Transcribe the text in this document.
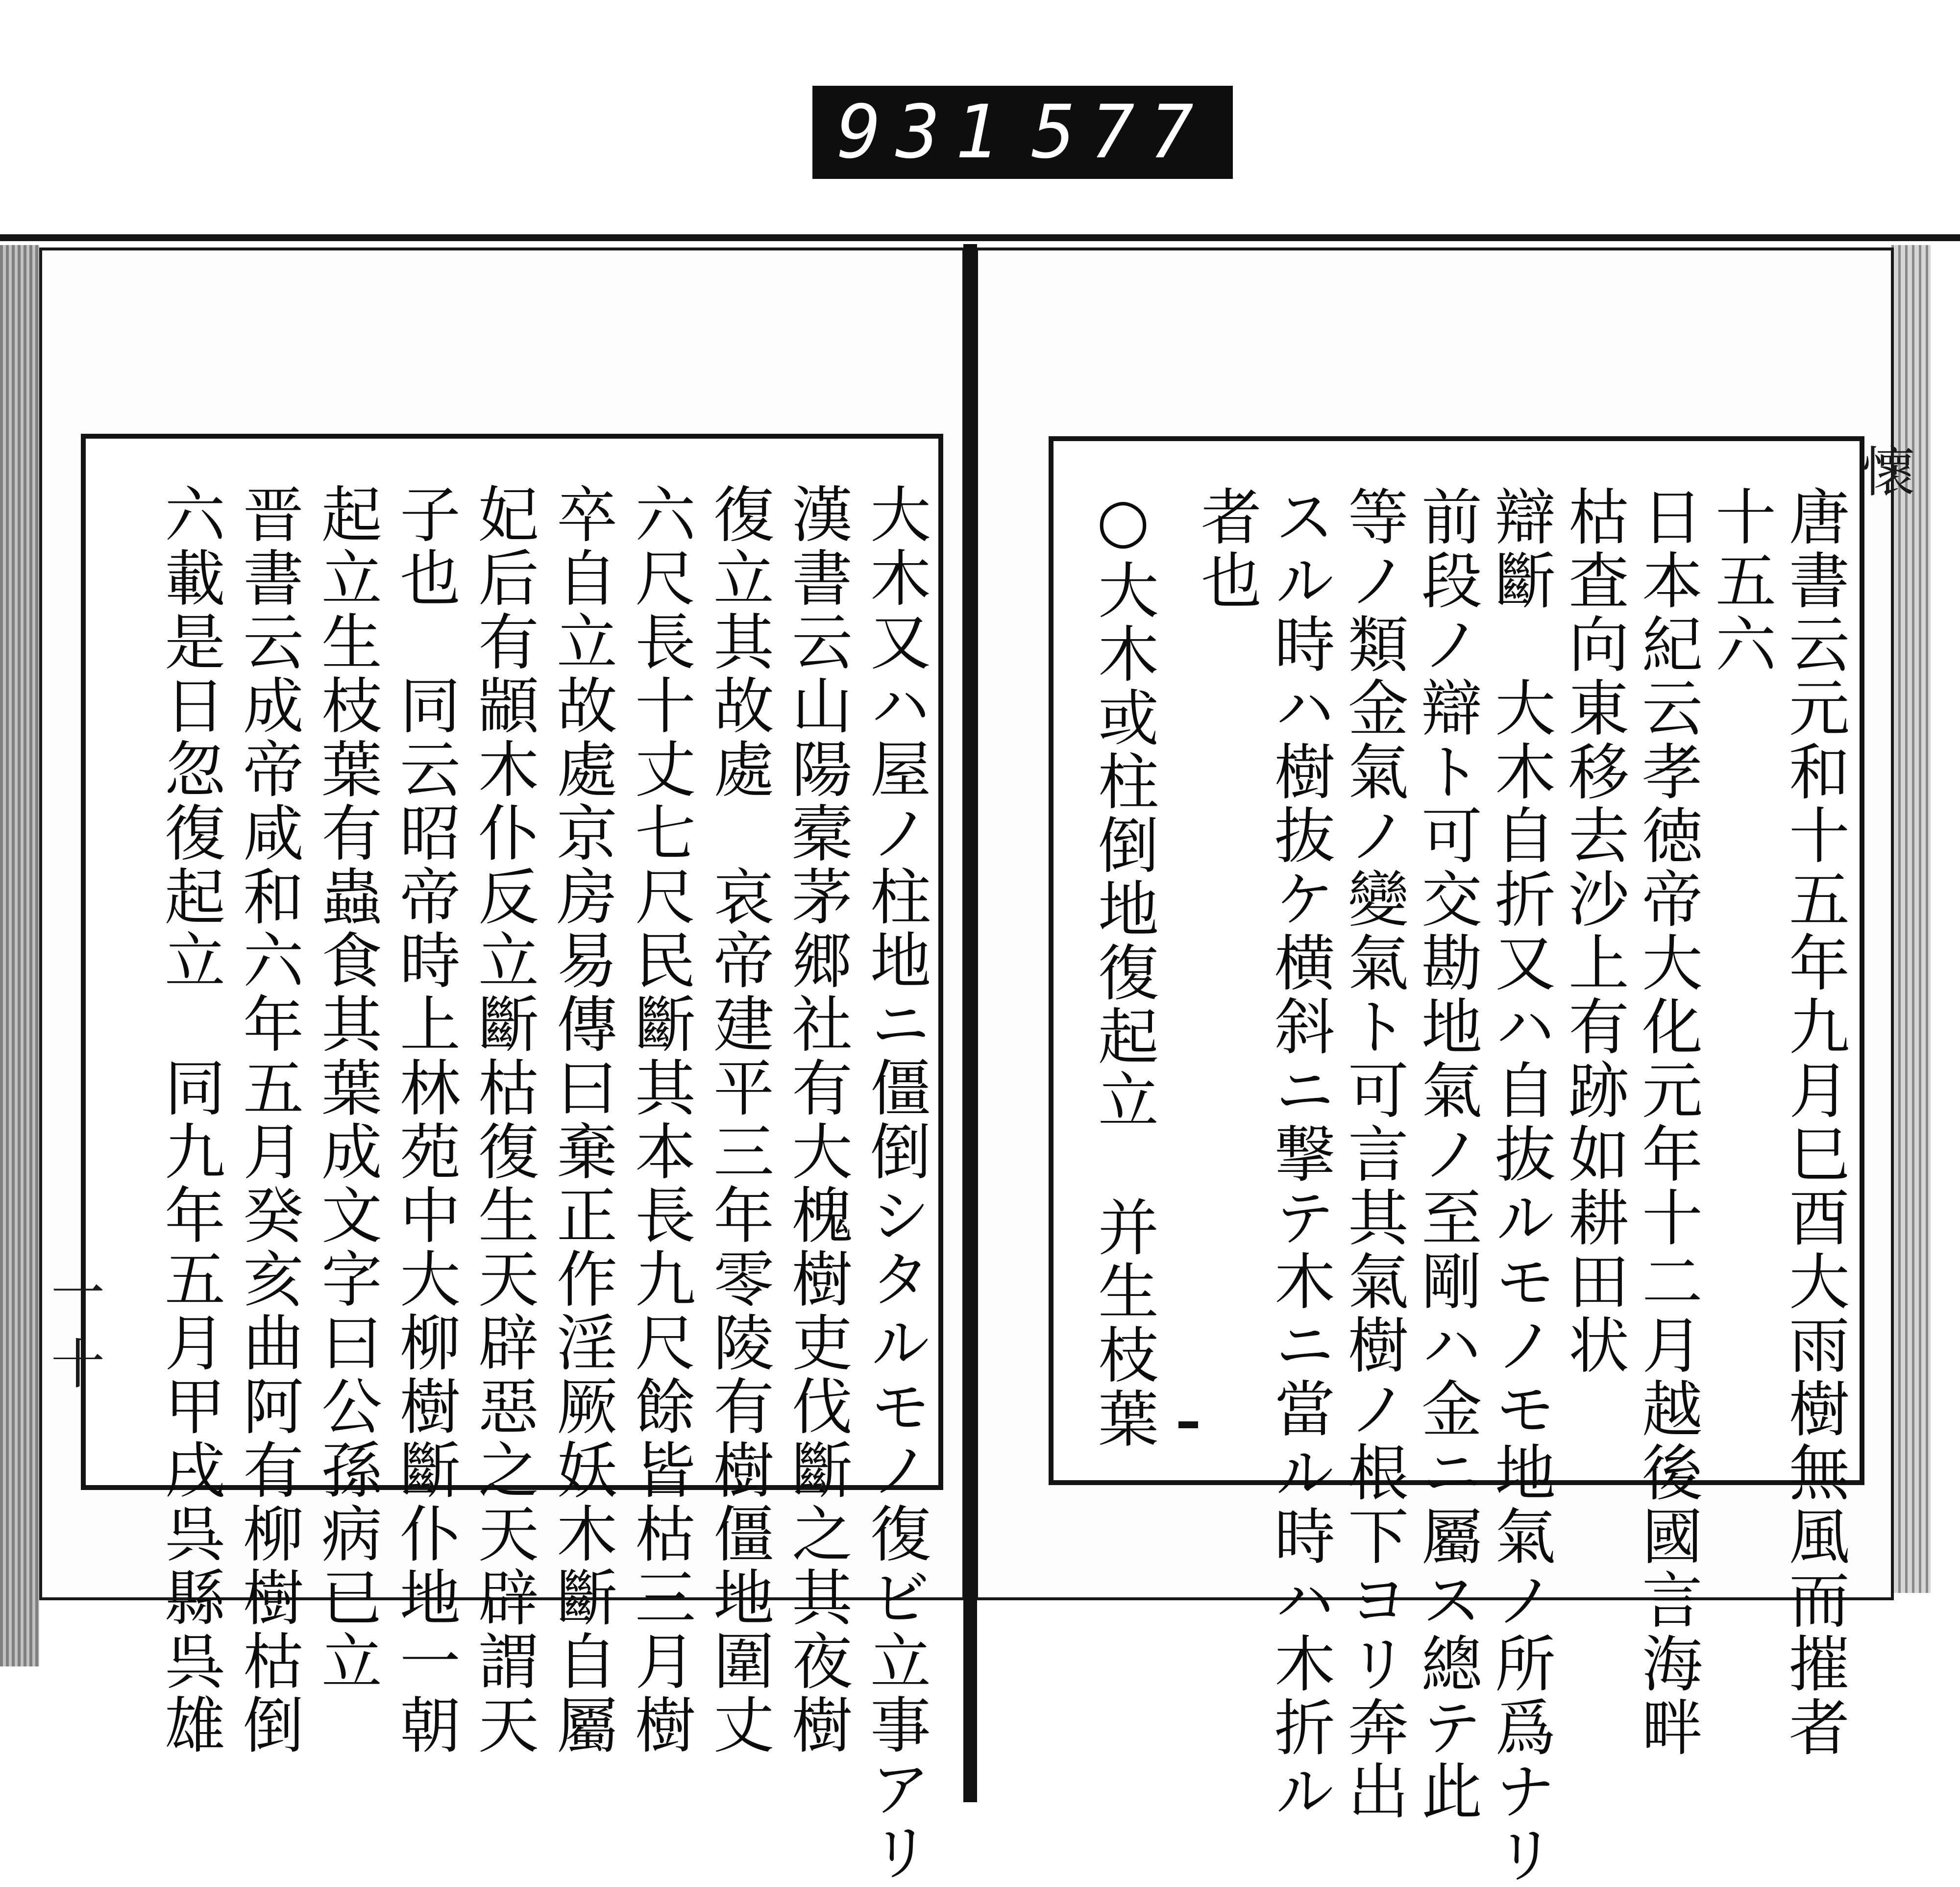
931 577
大木又ハ屋ノ柱地ニ僵倒シタルモノ復ビ立事アリ
漢書云山陽槖茅郷社有大槐樹吏伐斷之其夜樹
復立其故處　哀帝建平三年零陵有樹僵地圍丈
六尺長十丈七尺民斷其本長九尺餘皆枯三月樹
卒自立故處京房易傳曰棄正作淫厥妖木斷自屬
妃后有顓木仆反立斷枯復生天辟惡之天辟謂天
子也　同云昭帝時上林苑中大柳樹斷仆地一朝
起立生枝葉有蟲食其葉成文字曰公孫病已立
晋書云成帝咸和六年五月癸亥曲阿有柳樹枯倒
六載是日忽復起立　同九年五月甲戌呉縣呉雄	唐書云元和十五年九月巳酉大雨樹無風而摧者
十五六
日本紀云孝徳帝大化元年十二月越後國言海畔
枯査向東移去沙上有跡如耕田状
辯斷　大木自折又ハ自抜ルモノモ地氣ノ所爲ナリ
前段ノ辯ト可交勘地氣ノ至剛ハ金ニ屬ス總テ此
等ノ類金氣ノ變氣ト可言其氣樹ノ根下ヨリ奔出
スル時ハ樹抜ケ横斜ニ撃テ木ニ當ル時ハ木折ル
者也
○大木或柱倒地復起立　并生枝葉
懷
一 十
